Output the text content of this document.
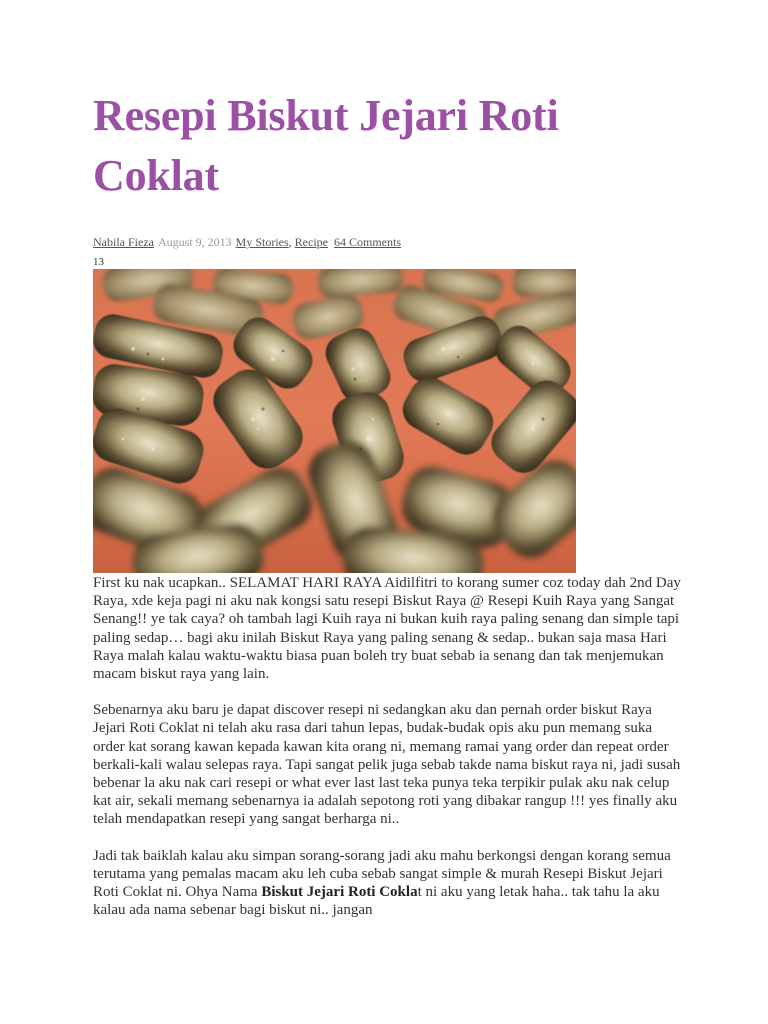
Resepi Biskut Jejari Roti Coklat
Nabila Fieza August 9, 2013 My Stories, Recipe 64 Comments
13

First ku nak ucapkan.. SELAMAT HARI RAYA Aidilfitri to korang sumer coz today dah 2nd Day Raya, xde keja pagi ni aku nak kongsi satu resepi Biskut Raya @ Resepi Kuih Raya yang Sangat Senang!! ye tak caya? oh tambah lagi Kuih raya ni bukan kuih raya paling senang dan simple tapi paling sedap… bagi aku inilah Biskut Raya yang paling senang & sedap.. bukan saja masa Hari Raya malah kalau waktu-waktu biasa puan boleh try buat sebab ia senang dan tak menjemukan macam biskut raya yang lain.

Sebenarnya aku baru je dapat discover resepi ni sedangkan aku dan pernah order biskut Raya Jejari Roti Coklat ni telah aku rasa dari tahun lepas, budak-budak opis aku pun memang suka order kat sorang kawan kepada kawan kita orang ni, memang ramai yang order dan repeat order berkali-kali walau selepas raya. Tapi sangat pelik juga sebab takde nama biskut raya ni, jadi susah bebenar la aku nak cari resepi or what ever last last teka punya teka terpikir pulak aku nak celup kat air, sekali memang sebenarnya ia adalah sepotong roti yang dibakar rangup !!! yes finally aku telah mendapatkan resepi yang sangat berharga ni..

Jadi tak baiklah kalau aku simpan sorang-sorang jadi aku mahu berkongsi dengan korang semua terutama yang pemalas macam aku leh cuba sebab sangat simple & murah Resepi Biskut Jejari Roti Coklat ni. Ohya Nama Biskut Jejari Roti Coklat ni aku yang letak haha.. tak tahu la aku kalau ada nama sebenar bagi biskut ni.. jangan
